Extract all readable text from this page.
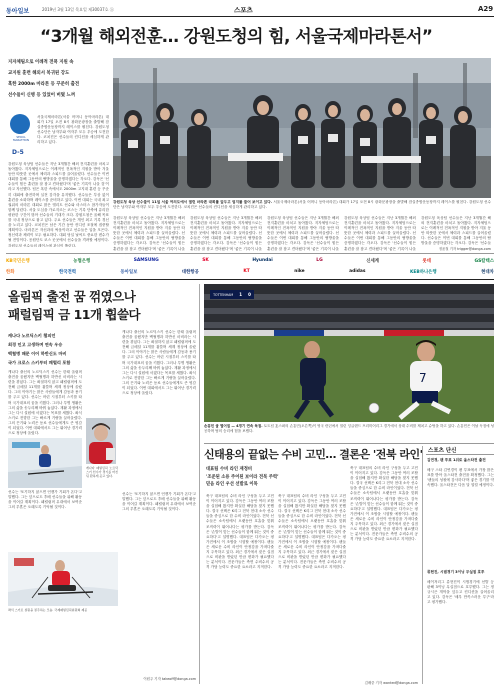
동아일보	2019년 3월 13일 목요일 제30037호 ⓐ	스포츠	A29
“3개월 해외전훈… 강원도청의 힘, 서울국제마라톤서”
지자체팀으로 이례적 전폭 지원 속
교지원 훈련 해외서 복귀된 강도
혹한 2000m 마라톤 등 꾸준히 출전
선수들이 신병 등 있었어 버텼 느껴
SEOUL MARATHON
D-5
서울국제마라톤(서울 어머니 동아마라톤) 대회가 17일 오전 8시 광화문광장을 출발해 잠실종합운동장까지 레이스를 펼친다. 강원도청 선수단은 남자부와 여자부 모두 우승에 도전한다. 코치진은 선수들의 컨디션을 세심하게 관리하고 있다.
강원도청 육상팀 선수들은 지난 3개월간 해외 전지훈련을 마치고 돌아왔다. 지자체팀으로는 이례적인 전폭적인 지원을 받아 겨울 동안 따뜻한 곳에서 체력과 스피드를 끌어올렸다. 선수들은 이번 대회를 통해 그동안의 땀방울을 증명하겠다는 각오다. 감독은 '선수들이 힘든 훈련을 잘 참고 견뎌줬다'며 '좋은 기록이 나올 것'이라고 자신했다. 팀은 혹한 속에서도 2000m 고지대 훈련 등 꾸준히 대회에 출전하며 실전 감각을 유지했다. 선수들은 부상 없이 훈련을 소화하며 레이스를 준비하고 있다. 이번 대회는 국내 최고 권위의 마라톤 대회로 많은 엘리트 선수와 마스터스 참가자들이 함께 달린다. 서울 도심을 가로지르는 코스는 기록 단축에 유리한 평탄한 구간이 많아 선수들의 기대가 크다. 강원도청은 올해 목표를 국내 정상으로 잡고 있다. 주요 선수들은 개인 최고 기록 경신을 노리고 있다. 코치진은 남은 기간 동안 컨디션 조절에 집중할 계획이다. 마라톤은 자신과의 싸움이라고 선수들은 입을 모은다. 정신력과 체력이 모두 필요하다. 대회 당일 날씨도 중요한 변수가 될 전망이다. 응원단도 코스 곳곳에서 선수들을 격려할 예정이다. 강원도청 선수들의 레이스에 관심이 쏠린다.
강원도청 육상 선수들이 11일 서울 여의도에서 열린 마라톤 대회를 앞두고 엄지를 들어 보이고 있다. 서울국제마라톤(서울 어머니 동아마라톤) 대회가 17일 오전 8시 광화문광장을 출발해 잠실종합운동장까지 레이스를 펼친다. 강원도청 선수단은 남자부와 여자부 모두 우승에 도전한다. 코치진은 선수들의 컨디션을 세심하게 관리하고 있다.
강원도청 육상팀 선수들은 지난 3개월간 해외 전지훈련을 마치고 돌아왔다. 지자체팀으로는 이례적인 전폭적인 지원을 받아 겨울 동안 따뜻한 곳에서 체력과 스피드를 끌어올렸다. 선수들은 이번 대회를 통해 그동안의 땀방울을 증명하겠다는 각오다. 감독은 '선수들이 힘든 훈련을 잘 참고 견뎌줬다'며 '좋은 기록이 나올
강원도청 육상팀 선수들은 지난 3개월간 해외 전지훈련을 마치고 돌아왔다. 지자체팀으로는 이례적인 전폭적인 지원을 받아 겨울 동안 따뜻한 곳에서 체력과 스피드를 끌어올렸다. 선수들은 이번 대회를 통해 그동안의 땀방울을 증명하겠다는 각오다. 감독은 '선수들이 힘든 훈련을 잘 참고 견뎌줬다'며 '좋은 기록이 나올
강원도청 육상팀 선수들은 지난 3개월간 해외 전지훈련을 마치고 돌아왔다. 지자체팀으로는 이례적인 전폭적인 지원을 받아 겨울 동안 따뜻한 곳에서 체력과 스피드를 끌어올렸다. 선수들은 이번 대회를 통해 그동안의 땀방울을 증명하겠다는 각오다. 감독은 '선수들이 힘든 훈련을 잘 참고 견뎌줬다'며 '좋은 기록이 나올
강원도청 육상팀 선수들은 지난 3개월간 해외 전지훈련을 마치고 돌아왔다. 지자체팀으로는 이례적인 전폭적인 지원을 받아 겨울 동안 따뜻한 곳에서 체력과 스피드를 끌어올렸다. 선수들은 이번 대회를 통해 그동안의 땀방울을 증명하겠다는 각오다. 감독은 '선수들이 힘든 훈련을 잘 참고 견뎌줬다'며 '좋은 기록이 나올
강원도청 육상팀 선수들은 지난 3개월간 해외 전지훈련을 마치고 돌아왔다. 지자체팀으로는 이례적인 전폭적인 지원을 받아 겨울 동안 따뜻한 곳에서 체력과 스피드를 끌어올렸다. 선수들은 이번 대회를 통해 그동안의 땀방울을 증명하겠다는 각오다. 감독은 '선수들
정윤철 기자 trigger@donga.com
KB국민은행	농협은행	SAMSUNG	SK	Hyundai	LG	신세계	롯데	GS칼텍스
한화	한국전력	동아일보	대한항공	KT	nike	adidas	KEB하나은행	현대차
올림픽 출전 꿈 꺾였으나
패럴림픽 금 11개 휩쓸다
캐나다 노르딕스키 챔피언
최경 인고 고생하며 연속 우승
백혈병 때문 이어 하반신도 마비
국가 크로스 스키부터 패럴리 포함
캐나다 출신의 노르딕스키 선수는 한때 올림픽 출전을 꿈꿨지만 백혈병과 하반신 마비라는 시련을 겪었다. 그는 좌절하지 않고 패럴림픽에 도전해 금메달 11개를 휩쓸며 세계 정상에 올랐다. 그의 이야기는 많은 사람들에게 감동과 용기를 주고 있다. 선수는 어린 시절부터 스키를 타며 국가대표의 꿈을 키웠다. 그러나 투병 생활은 그의 삶을 송두리째 바꿔 놓았다. 재활 과정에서 그는 다시 설원에 서겠다는 목표를 세웠다. 좌식 스키로 전향한 그는 빠르게 기량을 끌어올렸다. 그의 끈기와 노력은 동료 선수들에게도 큰 영감이 되었다. 이번 대회에서도 그는 뛰어난 경기력으로 정상에 올랐다.
캐나다 패럴림픽 노르딕스키 선수가 경기를 마친 뒤 환하게 웃고 있다.
선수는 '포기하지 않으면 언젠가 기회가 온다'고 말했다. 그는 앞으로도 후배 선수들을 위해 활동을 이어갈 계획이다. 패럴림픽 무대에서 보여준 그의 투혼은 오래도록 기억될 것이다.
좌식 스키로 설원을 질주하는 모습. 국제패럴림픽위원회 제공
캐나다 출신의 노르딕스키 선수는 한때 올림픽 출전을 꿈꿨지만 백혈병과 하반신 마비라는 시련을 겪었다. 그는 좌절하지 않고 패럴림픽에 도전해 금메달 11개를 휩쓸며 세계 정상에 올랐다. 그의 이야기는 많은 사람들에게 감동과 용기를 주고 있다. 선수는 어린 시절부터 스키를 타며 국가대표의 꿈을 키웠다. 그러나 투병 생활은 그의 삶을 송두리째 바꿔 놓았다. 재활 과정에서 그는 다시 설원에 서겠다는 목표를 세웠다. 좌식 스키로 전향한 그는 빠르게 기량을 끌어올렸다. 그의 끈기와 노력은 동료 선수들에게도 큰 영감이 되었다. 이번 대회에서도 그는 뛰어난 경기력으로 정상에 올랐다.
선수는 '포기하지 않으면 언젠가 기회가 온다'고 말했다. 그는 앞으로도 후배 선수들을 위해 활동을 이어갈 계획이다. 패럴림픽 무대에서 보여준 그의 투혼은 오래도록 기억될 것이다.
7
TOTTENHAM 1 0
손흥민 골 떨어질 — 4경기 연속 득점. 토트넘 홋스퍼의 손흥민(오른쪽)이 영국 런던에서 열린 잉글랜드 프리미어리그 경기에서 상대 수비를 제치고 슈팅을 하고 있다. 손흥민은 이날 득점에 성공하며 팀의 승리에 힘을 보탰다.
신태용의 끝없는 수비 고민… 결론은 '전북 라인'
대표팀 수비 라인 재정비
'조준된 소용 주어된 보이라 전북 주력’
믿음 라인 우선 선발로 이목
축구 대표팀의 수비 라인 구성을 두고 고민이 이어지고 있다. 감독은 그동안 여러 조합을 실험해 왔지만 확실한 해답을 찾지 못했다. 결국 선택은 K리그 전북 현대 소속 선수들을 중심으로 한 수비 라인이었다. 전북 선수들은 소속팀에서 오랫동안 호흡을 맞춰 조직력이 뛰어나다는 평가를 받는다. 감독은 '손발이 맞는 선수들이 함께 뛰는 것이 중요하다'고 설명했다. 대표팀은 다가오는 평가전에서 이 조합을 시험할 예정이다. 팬들은 새로운 수비 라인이 안정감을 가져다줄지 주목하고 있다. 최근 경기에서 잦은 실점으로 비판을 받았던 만큼 변화가 필요했다는 분석이다. 전문가들은 측면 수비수의 공격 가담 능력도 중요한 요소라고 지적한다.
축구 대표팀의 수비 라인 구성을 두고 고민이 이어지고 있다. 감독은 그동안 여러 조합을 실험해 왔지만 확실한 해답을 찾지 못했다. 결국 선택은 K리그 전북 현대 소속 선수들을 중심으로 한 수비 라인이었다. 전북 선수들은 소속팀에서 오랫동안 호흡을 맞춰 조직력이 뛰어나다는 평가를 받는다. 감독은 '손발이 맞는 선수들이 함께 뛰는 것이 중요하다'고 설명했다. 대표팀은 다가오는 평가전에서 이 조합을 시험할 예정이다. 팬들은 새로운 수비 라인이 안정감을 가져다줄지 주목하고 있다. 최근 경기에서 잦은 실점으로 비판을 받았던 만큼 변화가 필요했다는 분석이다. 전문가들은 측면 수비수의 공격 가담 능력도 중요한 요소라고 지적한다.
축구 대표팀의 수비 라인 구성을 두고 고민이 이어지고 있다. 감독은 그동안 여러 조합을 실험해 왔지만 확실한 해답을 찾지 못했다. 결국 선택은 K리그 전북 현대 소속 선수들을 중심으로 한 수비 라인이었다. 전북 선수들은 소속팀에서 오랫동안 호흡을 맞춰 조직력이 뛰어나다는 평가를 받는다. 감독은 '손발이 맞는 선수들이 함께 뛰는 것이 중요하다'고 설명했다. 대표팀은 다가오는 평가전에서 이 조합을 시험할 예정이다. 팬들은 새로운 수비 라인이 안정감을 가져다줄지 주목하고 있다. 최근 경기에서 잦은 실점으로 비판을 받았던 만큼 변화가 필요했다는 분석이다. 전문가들은 측면 수비수의 공격 가담 능력도 중요한 요소라고 지적한다.
김배중 기자 wanted@donga.com
스포츠 단신
김연경, 팬 투표 1위로 올스타전 출전
배구 스타 김연경이 팬 투표에서 가장 많은 표를 받아 올스타전 출전을 확정했다. 그는 '팬들의 성원에 감사하다'며 좋은 경기를 약속했다. 올스타전은 다음 달 열릴 예정이다.
류현진, 시범경기 3이닝 무실점 호투
메이저리그 류현진이 시범경기에 선발 등판해 3이닝 무실점으로 호투했다. 그는 정규시즌 개막을 앞두고 컨디션을 끌어올리고 있다. 감독은 '매우 만족스러운 투구'라고 평가했다.
이원주 기자 takeoff@donga.com
